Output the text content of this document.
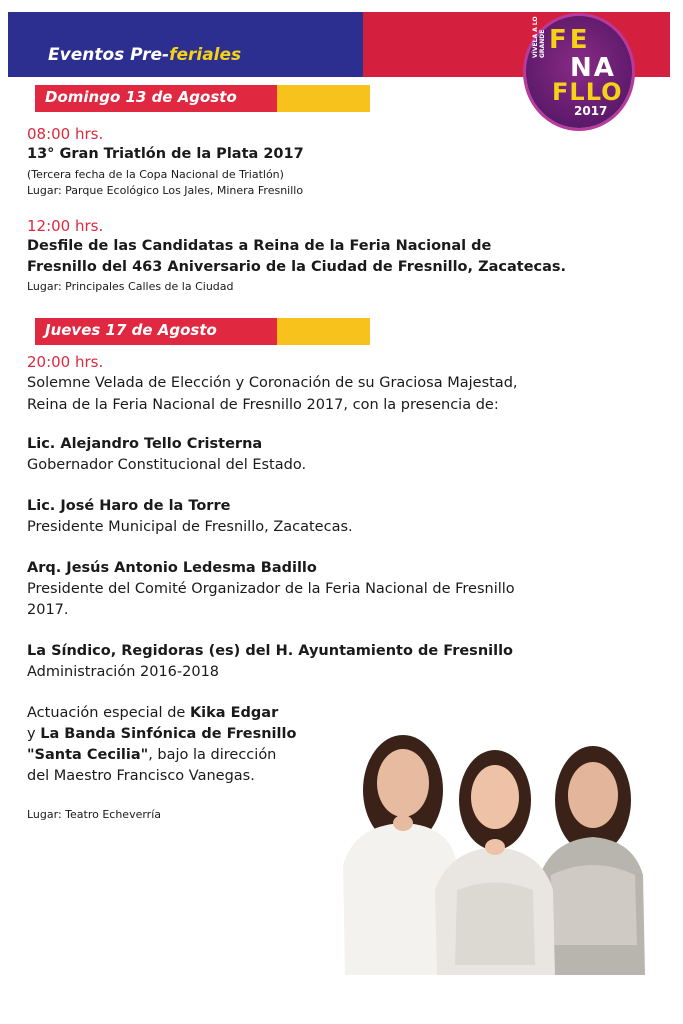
Eventos Pre-feriales	VÍVELA A LO GRANDE FE
NA
FLLO
2017
Domingo 13 de Agosto
08:00 hrs.
13° Gran Triatlón de la Plata 2017
(Tercera fecha de la Copa Nacional de Triatlón)
Lugar: Parque Ecológico Los Jales, Minera Fresnillo
12:00 hrs.
Desfile de las Candidatas a Reina de la Feria Nacional de
Fresnillo del 463 Aniversario de la Ciudad de Fresnillo, Zacatecas.
Lugar: Principales Calles de la Ciudad
Jueves 17 de Agosto
20:00 hrs.
Solemne Velada de Elección y Coronación de su Graciosa Majestad,
Reina de la Feria Nacional de Fresnillo 2017, con la presencia de:
Lic. Alejandro Tello Cristerna
Gobernador Constitucional del Estado.
Lic. José Haro de la Torre
Presidente Municipal de Fresnillo, Zacatecas.
Arq. Jesús Antonio Ledesma Badillo
Presidente del Comité Organizador de la Feria Nacional de Fresnillo
2017.
La Síndico, Regidoras (es) del H. Ayuntamiento de Fresnillo
Administración 2016-2018
Actuación especial de Kika Edgar
y La Banda Sinfónica de Fresnillo
"Santa Cecilia", bajo la dirección
del Maestro Francisco Vanegas.
Lugar: Teatro Echeverría
